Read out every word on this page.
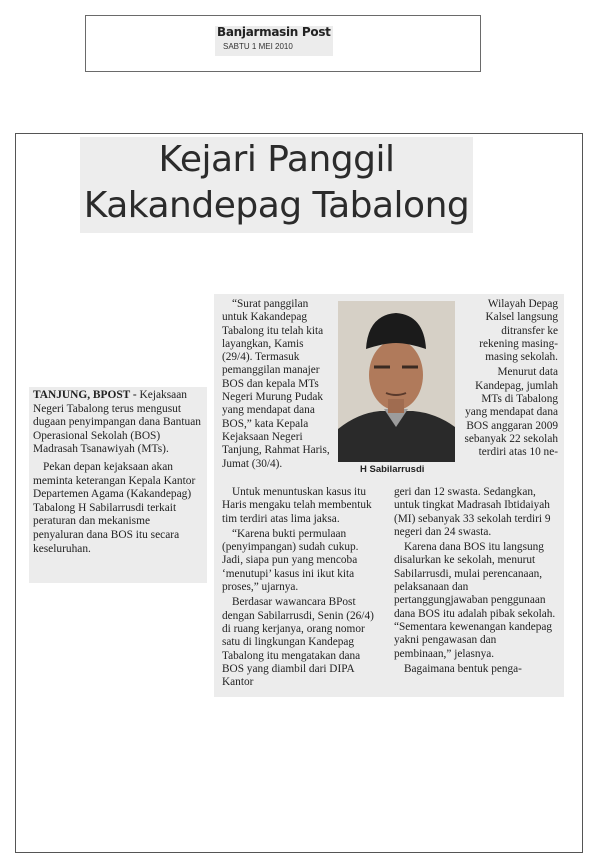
Banjarmasin Post
SABTU 1 MEI 2010
Kejari Panggil
Kakandepag Tabalong

TANJUNG, BPOST - Kejaksaan Negeri Tabalong terus mengusut dugaan penyimpangan dana Bantuan Operasional Sekolah (BOS) Madrasah Tsanawiyah (MTs).

Pekan depan kejaksaan akan meminta keterangan Kepala Kantor Departemen Agama (Kakandepag) Tabalong H Sabilarrusdi terkait peraturan dan mekanisme penyaluran dana BOS itu secara keseluruhan.

“Surat panggilan untuk Kakandepag Tabalong itu telah kita layangkan, Kamis (29/4). Termasuk pemanggilan manajer BOS dan kepala MTs Negeri Murung Pudak yang mendapat dana BOS,” kata Kepala Kejaksaan Negeri Tanjung, Rahmat Haris, Jumat (30/4).	H Sabilarrusdi

Untuk menuntuskan kasus itu Haris mengaku telah membentuk tim terdiri atas lima jaksa.

“Karena bukti permulaan (penyimpangan) sudah cukup. Jadi, siapa pun yang mencoba ‘menutupi’ kasus ini ikut kita proses,” ujarnya.

Berdasar wawancara BPost dengan Sabilarrusdi, Senin (26/4) di ruang kerjanya, orang nomor satu di lingkungan Kandepag Tabalong itu mengatakan dana BOS yang diambil dari DIPA Kantor

Wilayah Depag Kalsel langsung ditransfer ke rekening masing-masing sekolah.

Menurut data Kandepag, jumlah MTs di Tabalong yang mendapat dana BOS anggaran 2009 sebanyak 22 sekolah terdiri atas 10 ne-

geri dan 12 swasta. Sedangkan, untuk tingkat Madrasah Ibtidaiyah (MI) sebanyak 33 sekolah terdiri 9 negeri dan 24 swasta.

Karena dana BOS itu langsung disalurkan ke sekolah, menurut Sabilarrusdi, mulai perencanaan, pelaksanaan dan pertanggungjawaban penggunaan dana BOS itu adalah pibak sekolah. “Sementara kewenangan kandepag yakni pengawasan dan pembinaan,” jelasnya.

Bagaimana bentuk penga-
